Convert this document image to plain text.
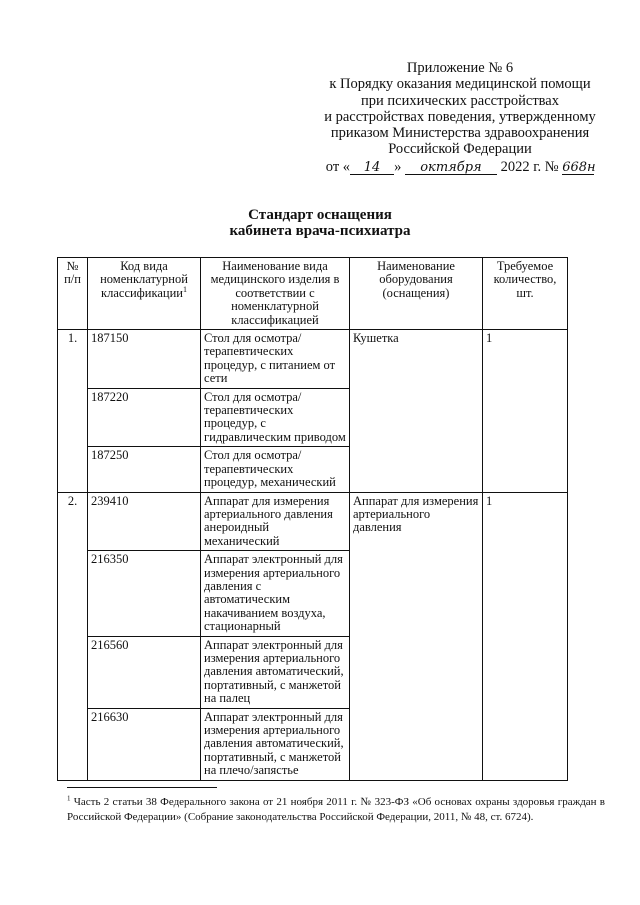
Приложение № 6
к Порядку оказания медицинской помощи
при психических расстройствах
и расстройствах поведения, утвержденному
приказом Министерства здравоохранения
Российской Федерации
от « 14 » октября 2022 г. № 668н
Стандарт оснащения
кабинета врача-психиатра
№ п/п	Код вида номенклатурной классификации$^1$	Наименование вида медицинского изделия в соответствии с номенклатурной классификацией	Наименование оборудования (оснащения)	Требуемое количество, шт.
1.	187150	Стол для осмотра/терапевтических процедур, с питанием от сети	Кушетка	1
	187220	Стол для осмотра/терапевтических процедур, с гидравлическим приводом		
	187250	Стол для осмотра/терапевтических процедур, механический		
2.	239410	Аппарат для измерения артериального давления анероидный механический	Аппарат для измерения артериального давления	1
	216350	Аппарат электронный для измерения артериального давления с автоматическим накачиванием воздуха, стационарный		
	216560	Аппарат электронный для измерения артериального давления автоматический, портативный, с манжетой на палец		
	216630	Аппарат электронный для измерения артериального давления автоматический, портативный, с манжетой на плечо/запястье		
$^1$ Часть 2 статьи 38 Федерального закона от 21 ноября 2011 г. № 323-ФЗ «Об основах охраны здоровья граждан в Российской Федерации» (Собрание законодательства Российской Федерации, 2011, № 48, ст. 6724).
